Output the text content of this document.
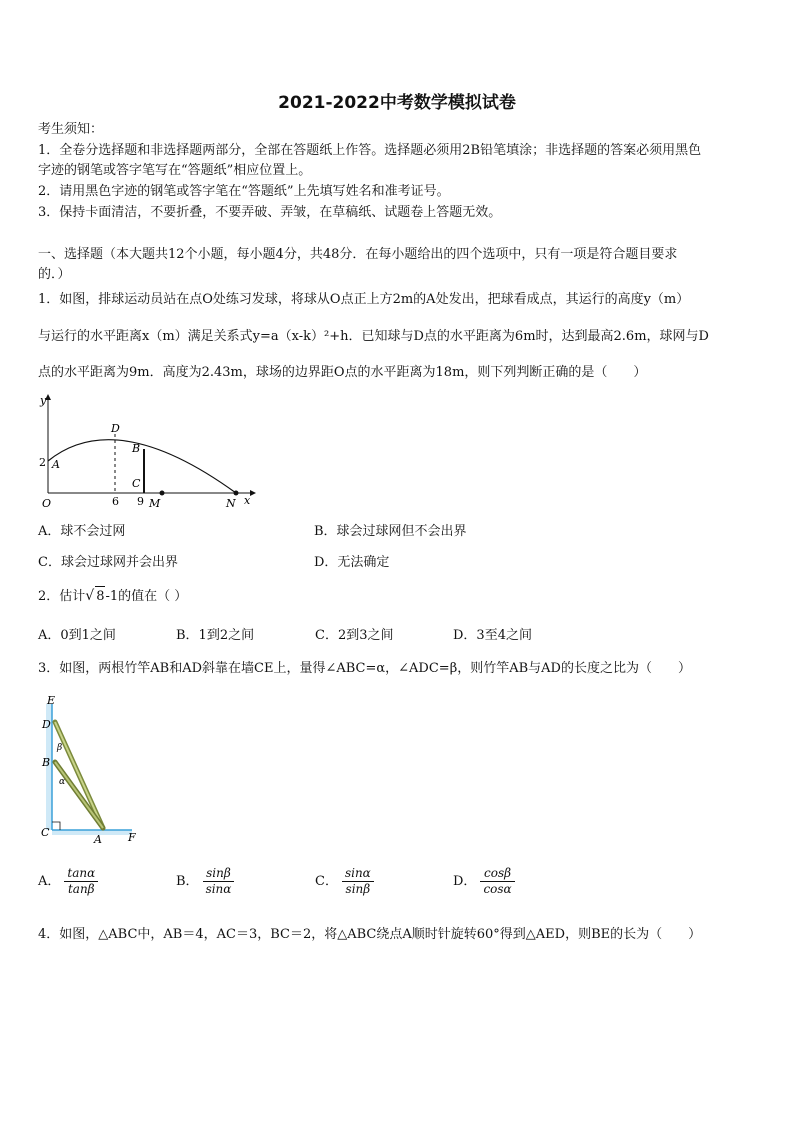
2021-2022中考数学模拟试卷
考生须知：
1．全卷分选择题和非选择题两部分，全部在答题纸上作答。选择题必须用2B铅笔填涂；非选择题的答案必须用黑色
字迹的钢笔或答字笔写在“答题纸”相应位置上。
2．请用黑色字迹的钢笔或答字笔在“答题纸”上先填写姓名和准考证号。
3．保持卡面清洁，不要折叠，不要弄破、弄皱，在草稿纸、试题卷上答题无效。
一、选择题（本大题共12个小题，每小题4分，共48分．在每小题给出的四个选项中，只有一项是符合题目要求
的．）
1．如图，排球运动员站在点O处练习发球，将球从O点正上方2m的A处发出，把球看成点，其运行的高度y（m）
与运行的水平距离x（m）满足关系式y=a（x-k）²+h．已知球与D点的水平距离为6m时，达到最高2.6m，球网与D
点的水平距离为9m．高度为2.43m，球场的边界距O点的水平距离为18m，则下列判断正确的是（　　）
y
x
O
2 A
D
6
B
C
9 M	N
A．球不会过网	B．球会过球网但不会出界
C．球会过球网并会出界	D．无法确定
2．估计√ 8-1的值在（ ）
A．0到1之间	B．1到2之间	C．2到3之间	D．3至4之间
3．如图，两根竹竿AB和AD斜靠在墙CE上，量得∠ABC=α，∠ADC=β，则竹竿AB与AD的长度之比为（　　）
E
D
B
C
A F
β
α
A． $\frac{\tan\alpha}{\tan\beta}$	B． $\frac{\sin\beta}{\sin\alpha}$	C． $\frac{\sin\alpha}{\sin\beta}$	D． $\frac{\cos\beta}{\cos\alpha}$
4．如图，△ABC中，AB＝4，AC＝3，BC＝2，将△ABC绕点A顺时针旋转60°得到△AED，则BE的长为（　　）
